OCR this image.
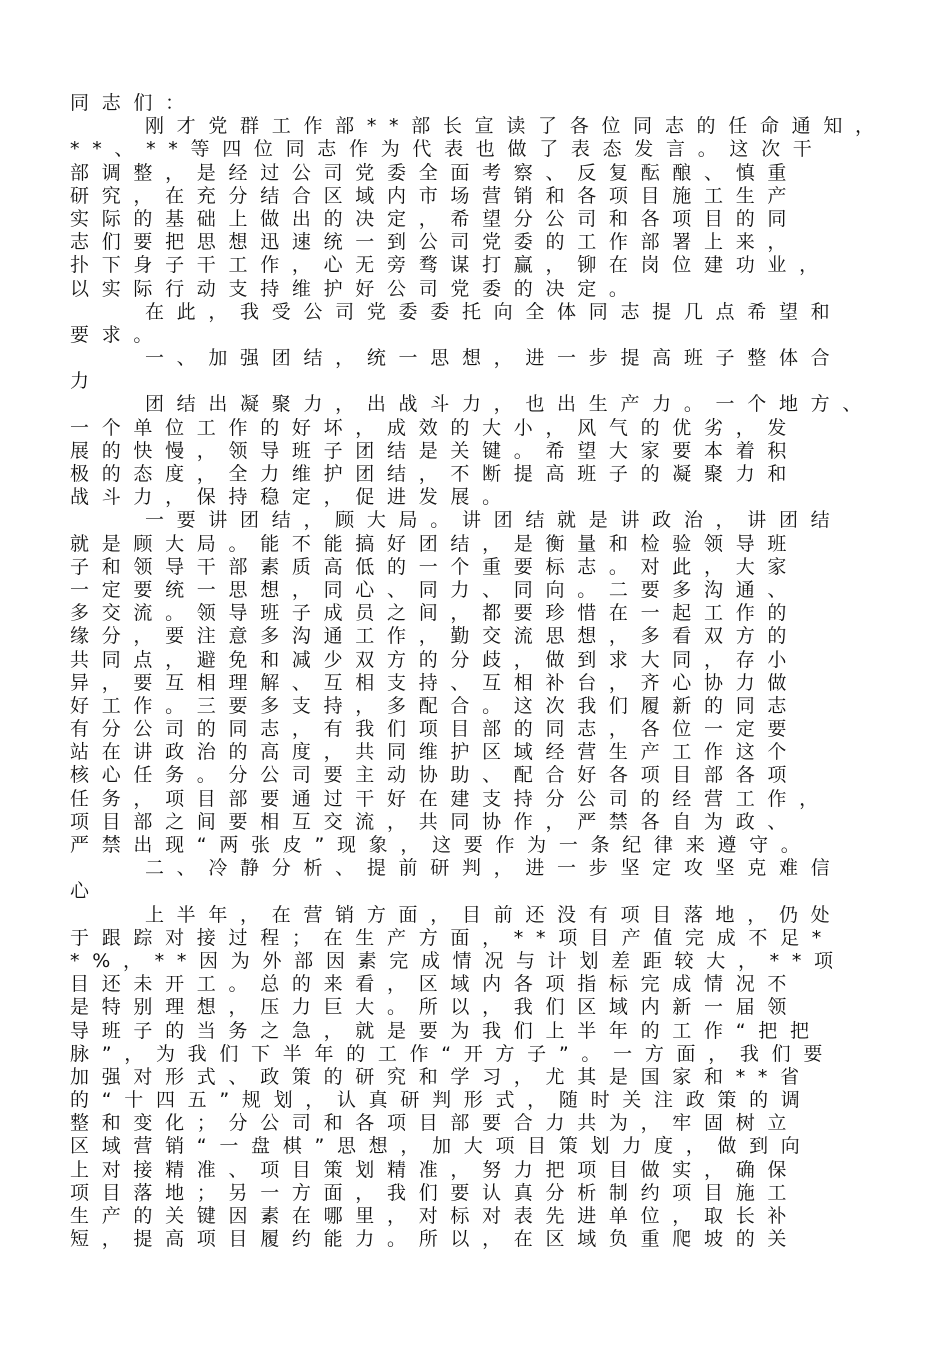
同志们：
刚才党群工作部**部长宣读了各位同志的任命通知，
**、**等四位同志作为代表也做了表态发言。这次干
部调整，是经过公司党委全面考察、反复酝酿、慎重
研究，在充分结合区域内市场营销和各项目施工生产
实际的基础上做出的决定，希望分公司和各项目的同
志们要把思想迅速统一到公司党委的工作部署上来，
扑下身子干工作，心无旁骛谋打赢，铆在岗位建功业，
以实际行动支持维护好公司党委的决定。
在此，我受公司党委委托向全体同志提几点希望和
要求。
一、加强团结，统一思想，进一步提高班子整体合
力
团结出凝聚力，出战斗力，也出生产力。一个地方、
一个单位工作的好坏，成效的大小，风气的优劣，发
展的快慢，领导班子团结是关键。希望大家要本着积
极的态度，全力维护团结，不断提高班子的凝聚力和
战斗力，保持稳定，促进发展。
一要讲团结，顾大局。讲团结就是讲政治，讲团结
就是顾大局。能不能搞好团结，是衡量和检验领导班
子和领导干部素质高低的一个重要标志。对此，大家
一定要统一思想，同心、同力、同向。二要多沟通、
多交流。领导班子成员之间，都要珍惜在一起工作的
缘分，要注意多沟通工作，勤交流思想，多看双方的
共同点，避免和减少双方的分歧，做到求大同，存小
异，要互相理解、互相支持、互相补台，齐心协力做
好工作。三要多支持，多配合。这次我们履新的同志
有分公司的同志，有我们项目部的同志，各位一定要
站在讲政治的高度，共同维护区域经营生产工作这个
核心任务。分公司要主动协助、配合好各项目部各项
任务，项目部要通过干好在建支持分公司的经营工作，
项目部之间要相互交流，共同协作，严禁各自为政、
严禁出现“两张皮”现象，这要作为一条纪律来遵守。
二、冷静分析、提前研判，进一步坚定攻坚克难信
心
上半年，在营销方面，目前还没有项目落地，仍处
于跟踪对接过程；在生产方面，**项目产值完成不足*
*%，**因为外部因素完成情况与计划差距较大，**项
目还未开工。总的来看，区域内各项指标完成情况不
是特别理想，压力巨大。所以，我们区域内新一届领
导班子的当务之急，就是要为我们上半年的工作“把把
脉”，为我们下半年的工作“开方子”。一方面，我们要
加强对形式、政策的研究和学习，尤其是国家和**省
的“十四五”规划，认真研判形式，随时关注政策的调
整和变化；分公司和各项目部要合力共为，牢固树立
区域营销“一盘棋”思想，加大项目策划力度，做到向
上对接精准、项目策划精准，努力把项目做实，确保
项目落地；另一方面，我们要认真分析制约项目施工
生产的关键因素在哪里，对标对表先进单位，取长补
短，提高项目履约能力。所以，在区域负重爬坡的关
